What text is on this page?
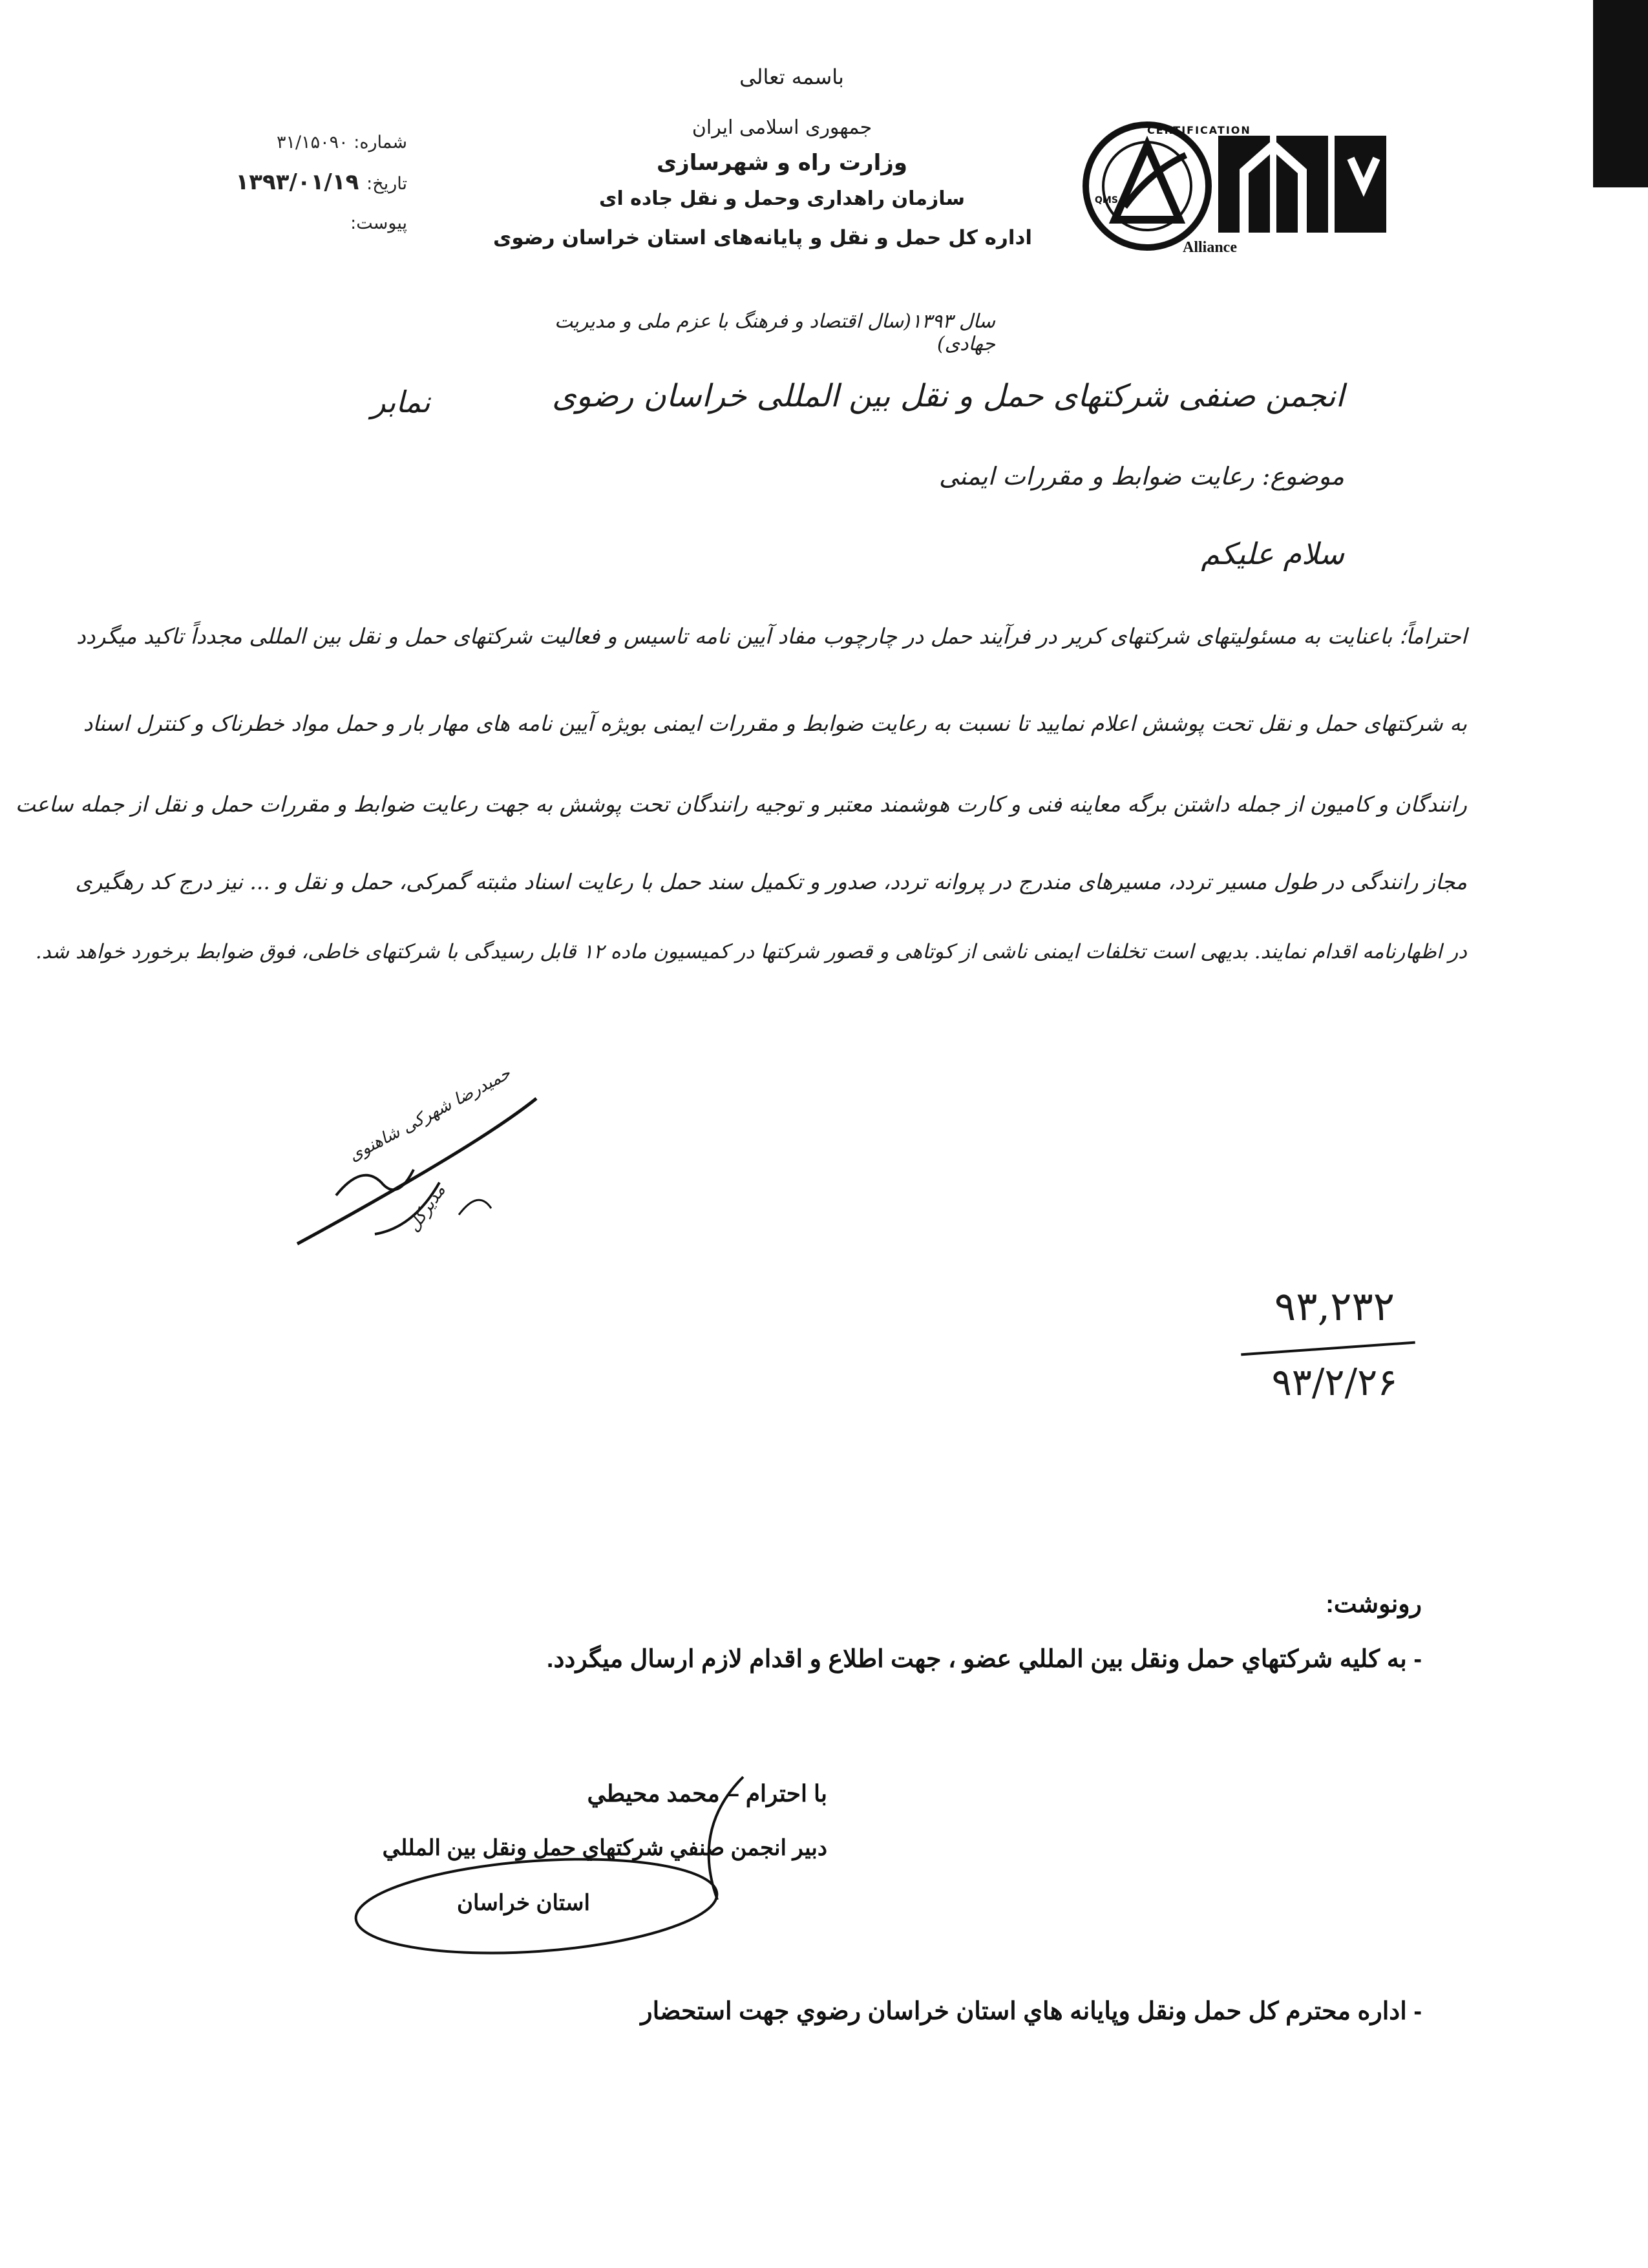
CERTIFICATION
QMS
Alliance
باسمه تعالی
جمهوری اسلامی ایران
وزارت راه و شهرسازی
سازمان راهداری وحمل و نقل جاده ای
اداره کل حمل و نقل و پایانه‌های استان خراسان رضوی
شماره: ۳۱/۱۵۰۹۰
تاریخ: ۱۳۹۳/۰۱/۱۹
پیوست:
سال ۱۳۹۳(سال اقتصاد و فرهنگ با عزم ملی و مدیریت جهادی)
انجمن صنفی شرکتهای حمل و نقل بین المللی خراسان رضوی
نمابر
موضوع: رعایت ضوابط و مقررات ایمنی
سلام علیکم
احتراماً؛ باعنایت به مسئولیتهای شرکتهای کریر در فرآیند حمل در چارچوب مفاد آیین نامه تاسیس و فعالیت شرکتهای حمل و نقل بین المللی مجدداً تاکید میگردد
به شرکتهای حمل و نقل تحت پوشش اعلام نمایید تا نسبت به رعایت ضوابط و مقررات ایمنی بویژه آیین نامه های مهار بار و حمل مواد خطرناک و کنترل اسناد
رانندگان و کامیون از جمله داشتن برگه معاینه فنی و کارت هوشمند معتبر و توجیه رانندگان تحت پوشش به جهت رعایت ضوابط و مقررات حمل و نقل از جمله ساعت
مجاز رانندگی در طول مسیر تردد، مسیرهای مندرج در پروانه تردد، صدور و تکمیل سند حمل با رعایت اسناد مثبته گمرکی، حمل و نقل و ... نیز درج کد رهگیری
در اظهارنامه اقدام نمایند. بدیهی است تخلفات ایمنی ناشی از کوتاهی و قصور شرکتها در کمیسیون ماده ۱۲ قابل رسیدگی با شرکتهای خاطی، فوق ضوابط برخورد خواهد شد.
حمیدرضا شهرکی شاهنوی
مدیرکل
۹۳,۲۳۲
۹۳/۲/۲۶
رونوشت:
- به کلیه شرکتهاي حمل ونقل بین المللي عضو ، جهت اطلاع و اقدام لازم ارسال میگردد.
با احترام – محمد محیطي
دبیر انجمن صنفي شرکتهاي حمل ونقل بین المللي
استان خراسان
- اداره محترم کل حمل ونقل وپایانه هاي استان خراسان رضوي جهت استحضار
